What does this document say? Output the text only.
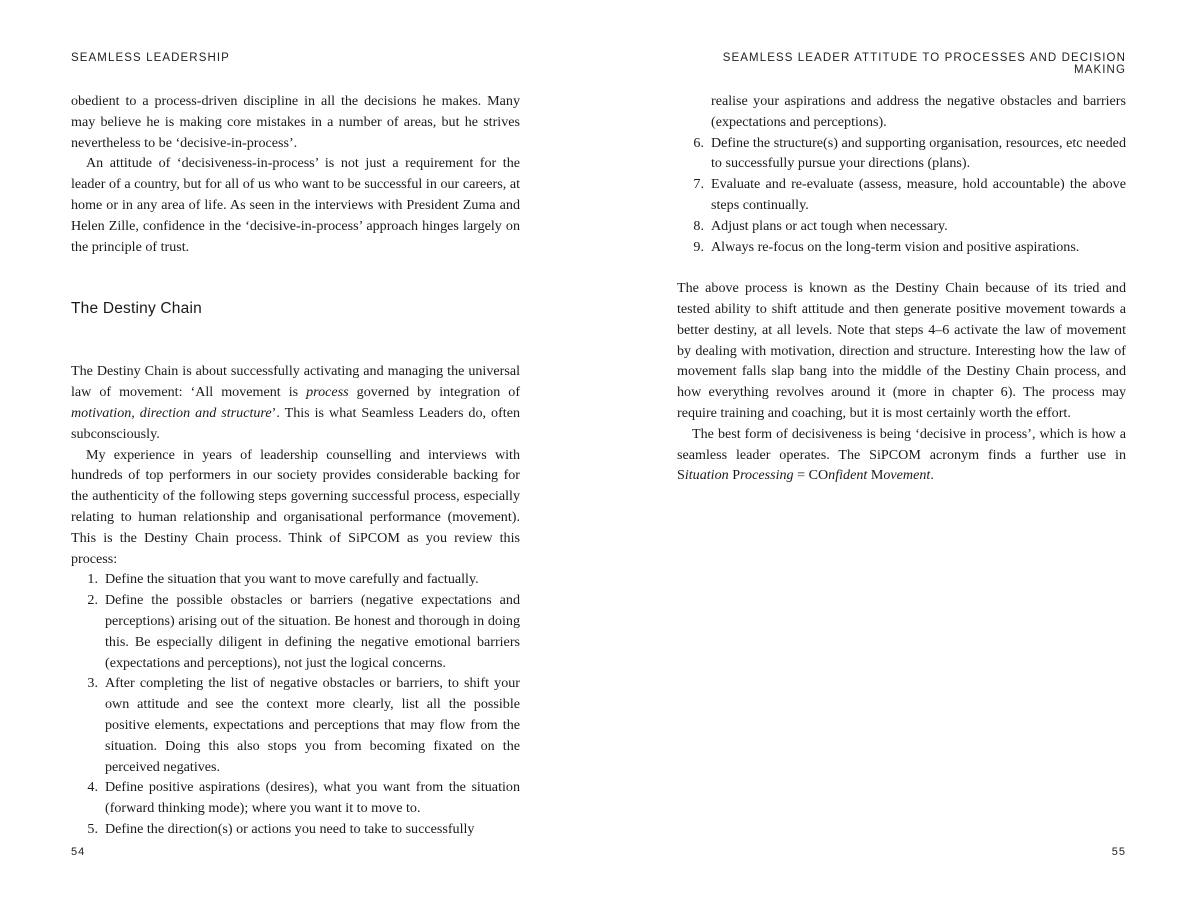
SEAMLESS LEADERSHIP

obedient to a process-driven discipline in all the decisions he makes. Many may believe he is making core mistakes in a number of areas, but he strives nevertheless to be ‘decisive-in-process’.

An attitude of ‘decisiveness-in-process’ is not just a requirement for the leader of a country, but for all of us who want to be successful in our careers, at home or in any area of life. As seen in the interviews with President Zuma and Helen Zille, confidence in the ‘decisive-in-process’ approach hinges largely on the principle of trust.

The Destiny Chain

The Destiny Chain is about successfully activating and managing the universal law of movement: ‘All movement is process governed by integration of motivation, direction and structure’. This is what Seamless Leaders do, often subconsciously.

My experience in years of leadership counselling and interviews with hundreds of top performers in our society provides considerable backing for the authenticity of the following steps governing successful process, especially relating to human relationship and organisational performance (movement). This is the Destiny Chain process. Think of SiPCOM as you review this process:

1. Define the situation that you want to move carefully and factually.
2. Define the possible obstacles or barriers (negative expectations and perceptions) arising out of the situation. Be honest and thorough in doing this. Be especially diligent in defining the negative emotional barriers (expectations and perceptions), not just the logical concerns.
3. After completing the list of negative obstacles or barriers, to shift your own attitude and see the context more clearly, list all the possible positive elements, expectations and perceptions that may flow from the situation. Doing this also stops you from becoming fixated on the perceived negatives.
4. Define positive aspirations (desires), what you want from the situation (forward thinking mode); where you want it to move to.
5. Define the direction(s) or actions you need to take to successfully
54
SEAMLESS LEADER ATTITUDE TO PROCESSES AND DECISION MAKING
realise your aspirations and address the negative obstacles and barriers (expectations and perceptions).
6. Define the structure(s) and supporting organisation, resources, etc needed to successfully pursue your directions (plans).
7. Evaluate and re-evaluate (assess, measure, hold accountable) the above steps continually.
8. Adjust plans or act tough when necessary.
9. Always re-focus on the long-term vision and positive aspirations.

The above process is known as the Destiny Chain because of its tried and tested ability to shift attitude and then generate positive movement towards a better destiny, at all levels. Note that steps 4–6 activate the law of movement by dealing with motivation, direction and structure. Interesting how the law of movement falls slap bang into the middle of the Destiny Chain process, and how everything revolves around it (more in chapter 6). The process may require training and coaching, but it is most certainly worth the effort.

The best form of decisiveness is being ‘decisive in process’, which is how a seamless leader operates. The SiPCOM acronym finds a further use in Situation Processing = COnfident Movement.

55
